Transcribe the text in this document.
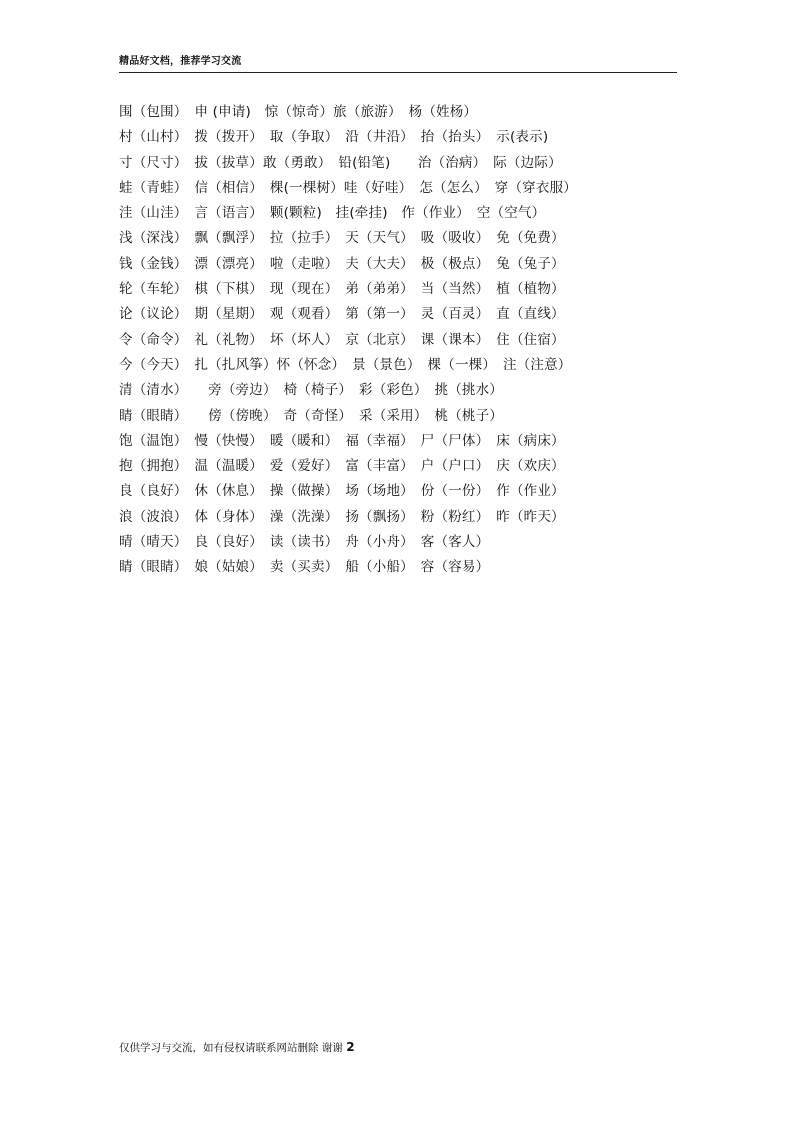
精品好文档，推荐学习交流
围（包围）　申 (申请)　惊（惊奇）旅（旅游）　杨（姓杨）
村（山村）　拨（拨开）　取（争取）　沿（井沿）　抬（抬头）　示(表示)
寸（尺寸）　拔（拔草）敢（勇敢）　铅(铅笔)　　治（治病）　际（边际）
蛙（青蛙）　信（相信）　棵(一棵树）哇（好哇）　怎（怎么）　穿（穿衣服）
洼（山洼）　言（语言）　颗(颗粒)　挂(牵挂)　作（作业）　空（空气）
浅（深浅）　飘（飘浮）　拉（拉手）　天（天气）　吸（吸收）　免（免费）
钱（金钱）　漂（漂亮）　啦（走啦）　夫（大夫）　极（极点）　兔（兔子）
轮（车轮）　棋（下棋）　现（现在）　弟（弟弟）　当（当然）　植（植物）
论（议论）　期（星期）　观（观看）　第（第一）　灵（百灵）　直（直线）
令（命令）　礼（礼物）　坏（坏人）　京（北京）　课（课本）　住（住宿）
今（今天）　扎（扎风筝）怀（怀念）　景（景色）　棵（一棵）　注（注意）
清（清水）　　旁（旁边）　椅（椅子）　彩（彩色）　挑（挑水）
睛（眼睛）　　傍（傍晚）　奇（奇怪）　采（采用）　桃（桃子）
饱（温饱）　慢（快慢）　暖（暖和）　福（幸福）　尸（尸体）　床（病床）
抱（拥抱）　温（温暖）　爱（爱好）　富（丰富）　户（户口）　庆（欢庆）
良（良好）　休（休息）　操（做操）　场（场地）　份（一份）　作（作业）
浪（波浪）　体（身体）　澡（洗澡）　扬（飘扬）　粉（粉红）　昨（昨天）
晴（晴天）　良（良好）　读（读书）　舟（小舟）　客（客人）
睛（眼睛）　娘（姑娘）　卖（买卖）　船（小船）　容（容易）
仅供学习与交流，如有侵权请联系网站删除 谢谢 2
